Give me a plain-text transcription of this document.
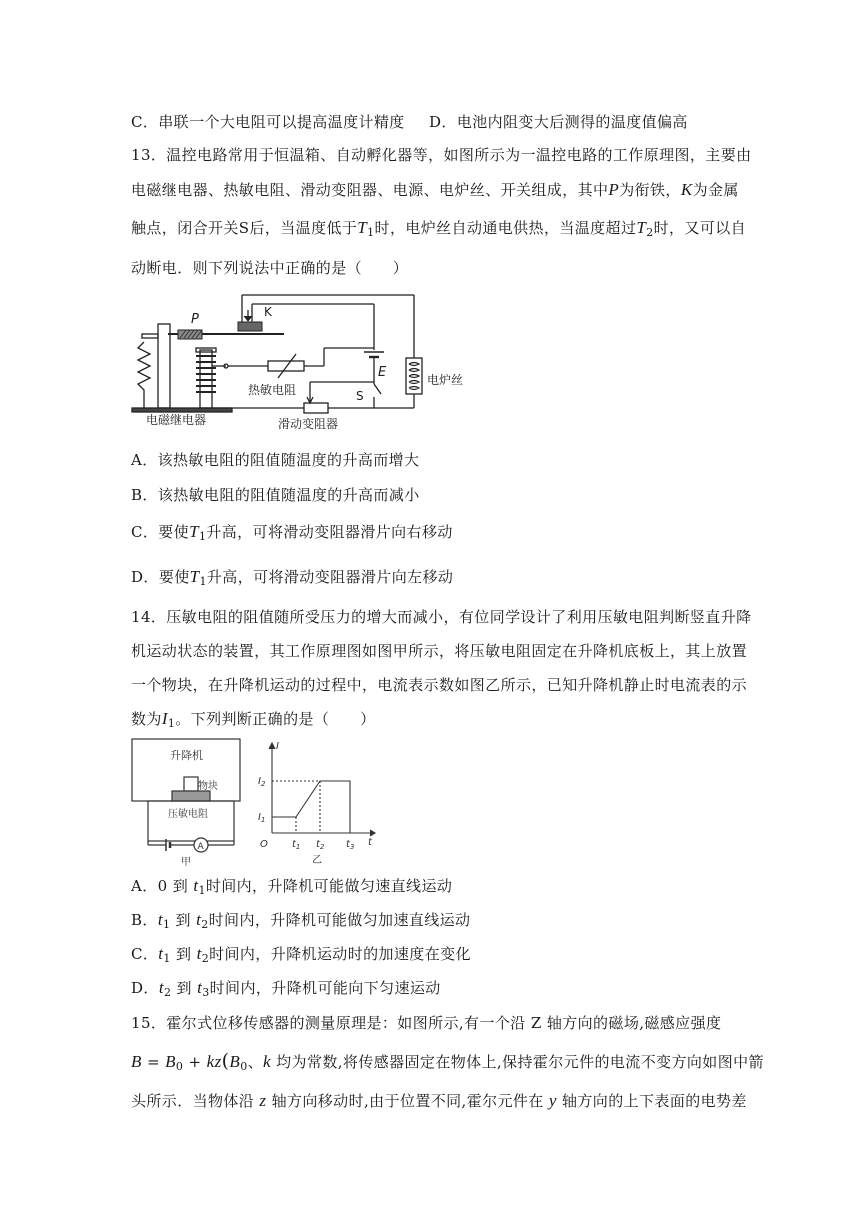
C．串联一个大电阻可以提高温度计精度 D．电池内阻变大后测得的温度值偏高
13．温控电路常用于恒温箱、自动孵化器等，如图所示为一温控电路的工作原理图，主要由
电磁继电器、热敏电阻、滑动变阻器、电源、电炉丝、开关组成，其中P为衔铁，K为金属
触点，闭合开关S后，当温度低于$T_1$时，电炉丝自动通电供热，当温度超过$T_2$时，又可以自
动断电．则下列说法中正确的是（　　）
P	K
E
S
热敏电阻
电磁继电器	滑动变阻器
电炉丝
A．该热敏电阻的阻值随温度的升高而增大
B．该热敏电阻的阻值随温度的升高而减小
C．要使$T_1$升高，可将滑动变阻器滑片向右移动
D．要使$T_1$升高，可将滑动变阻器滑片向左移动
14．压敏电阻的阻值随所受压力的增大而减小，有位同学设计了利用压敏电阻判断竖直升降
机运动状态的装置，其工作原理图如图甲所示，将压敏电阻固定在升降机底板上，其上放置
一个物块，在升降机运动的过程中，电流表示数如图乙所示，已知升降机静止时电流表的示
数为$I_1$。下列判断正确的是（　　）
升降机
物块
压敏电阻
A
甲
I
t
O
$I_1$
$I_2$
$t_1$ $t_2$ $t_3$
乙
A．0 到 $t_1$时间内，升降机可能做匀速直线运动
B．$t_1$ 到 $t_2$时间内，升降机可能做匀加速直线运动
C．$t_1$ 到 $t_2$时间内，升降机运动时的加速度在变化
D．$t_2$ 到 $t_3$时间内，升降机可能向下匀速运动
15．霍尔式位移传感器的测量原理是：如图所示,有一个沿 Z 轴方向的磁场,磁感应强度
$B = B_0 + kz(B_0$、k 均为常数,将传感器固定在物体上,保持霍尔元件的电流不变方向如图中箭
头所示．当物体沿 z 轴方向移动时,由于位置不同,霍尔元件在 y 轴方向的上下表面的电势差
